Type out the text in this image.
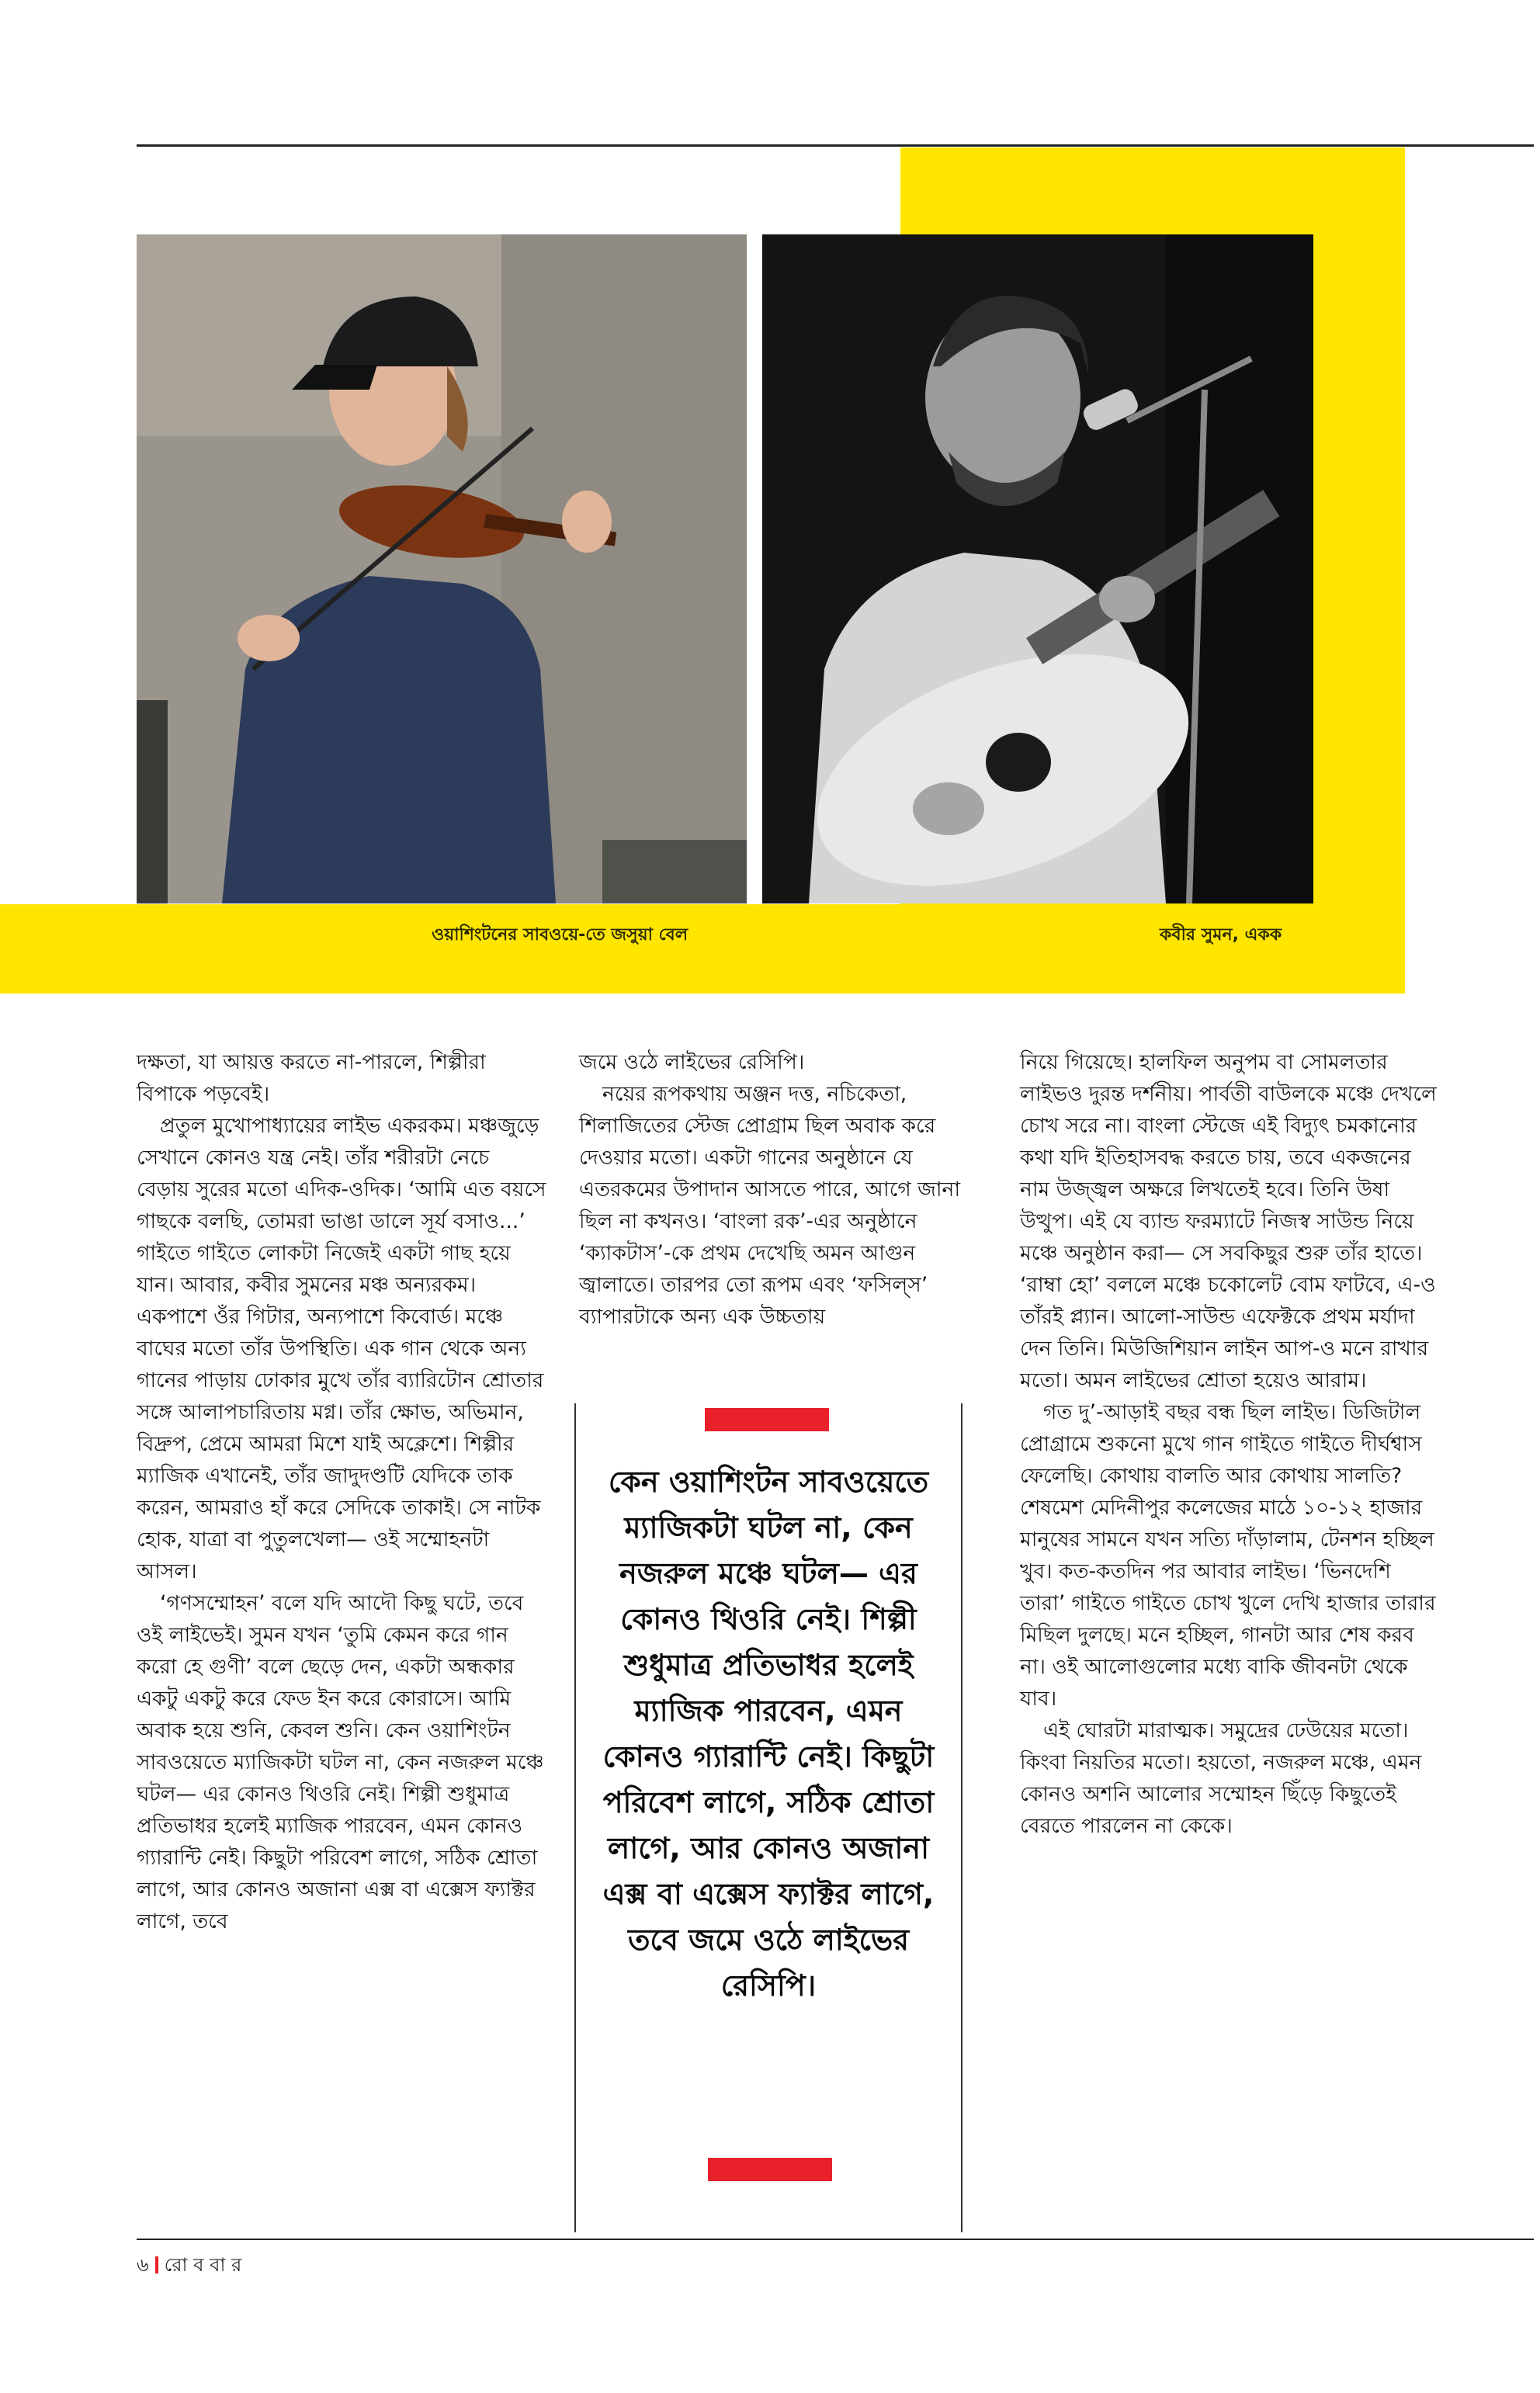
ওয়াশিংটনের সাবওয়ে-তে জসুয়া বেল	কবীর সুমন, একক

দক্ষতা, যা আয়ত্ত করতে না-পারলে, শিল্পীরা বিপাকে পড়বেই।

প্রতুল মুখোপাধ্যায়ের লাইভ একরকম। মঞ্চজুড়ে সেখানে কোনও যন্ত্র নেই। তাঁর শরীরটা নেচে বেড়ায় সুরের মতো এদিক-ওদিক। ‘আমি এত বয়সে গাছকে বলছি, তোমরা ভাঙা ডালে সূর্য বসাও...’ গাইতে গাইতে লোকটা নিজেই একটা গাছ হয়ে যান। আবার, কবীর সুমনের মঞ্চ অন্যরকম। একপাশে ওঁর গিটার, অন্যপাশে কিবোর্ড। মঞ্চে বাঘের মতো তাঁর উপস্থিতি। এক গান থেকে অন্য গানের পাড়ায় ঢোকার মুখে তাঁর ব্যারিটোন শ্রোতার সঙ্গে আলাপচারিতায় মগ্ন। তাঁর ক্ষোভ, অভিমান, বিদ্রুপ, প্রেমে আমরা মিশে যাই অক্লেশে। শিল্পীর ম্যাজিক এখানেই, তাঁর জাদুদণ্ডটি যেদিকে তাক করেন, আমরাও হাঁ করে সেদিকে তাকাই। সে নাটক হোক, যাত্রা বা পুতুলখেলা— ওই সম্মোহনটা আসল।

‘গণসম্মোহন’ বলে যদি আদৌ কিছু ঘটে, তবে ওই লাইভেই। সুমন যখন ‘তুমি কেমন করে গান করো হে গুণী’ বলে ছেড়ে দেন, একটা অন্ধকার একটু একটু করে ফেড ইন করে কোরাসে। আমি অবাক হয়ে শুনি, কেবল শুনি। কেন ওয়াশিংটন সাবওয়েতে ম্যাজিকটা ঘটল না, কেন নজরুল মঞ্চে ঘটল— এর কোনও থিওরি নেই। শিল্পী শুধুমাত্র প্রতিভাধর হলেই ম্যাজিক পারবেন, এমন কোনও গ্যারান্টি নেই। কিছুটা পরিবেশ লাগে, সঠিক শ্রোতা লাগে, আর কোনও অজানা এক্স বা এক্সেস ফ্যাক্টর লাগে, তবে

জমে ওঠে লাইভের রেসিপি।

নয়ের রূপকথায় অঞ্জন দত্ত, নচিকেতা, শিলাজিতের স্টেজ প্রোগ্রাম ছিল অবাক করে দেওয়ার মতো। একটা গানের অনুষ্ঠানে যে এতরকমের উপাদান আসতে পারে, আগে জানা ছিল না কখনও। ‘বাংলা রক’-এর অনুষ্ঠানে ‘ক্যাকটাস’-কে প্রথম দেখেছি অমন আগুন জ্বালাতে। তারপর তো রূপম এবং ‘ফসিল্‌স’ ব্যাপারটাকে অন্য এক উচ্চতায়

কেন ওয়াশিংটন সাবওয়েতে ম্যাজিকটা ঘটল না, কেন নজরুল মঞ্চে ঘটল— এর কোনও থিওরি নেই। শিল্পী শুধুমাত্র প্রতিভাধর হলেই ম্যাজিক পারবেন, এমন কোনও গ্যারান্টি নেই। কিছুটা পরিবেশ লাগে, সঠিক শ্রোতা লাগে, আর কোনও অজানা এক্স বা এক্সেস ফ্যাক্টর লাগে, তবে জমে ওঠে লাইভের রেসিপি।

নিয়ে গিয়েছে। হালফিল অনুপম বা সোমলতার লাইভও দুরন্ত দর্শনীয়। পার্বতী বাউলকে মঞ্চে দেখলে চোখ সরে না। বাংলা স্টেজে এই বিদ্যুৎ চমকানোর কথা যদি ইতিহাসবদ্ধ করতে চায়, তবে একজনের নাম উজ্জ্বল অক্ষরে লিখতেই হবে। তিনি উষা উত্থুপ। এই যে ব্যান্ড ফরম্যাটে নিজস্ব সাউন্ড নিয়ে মঞ্চে অনুষ্ঠান করা— সে সবকিছুর শুরু তাঁর হাতে। ‘রাম্বা হো’ বললে মঞ্চে চকোলেট বোম ফাটবে, এ-ও তাঁরই প্ল্যান। আলো-সাউন্ড এফেক্টকে প্রথম মর্যাদা দেন তিনি। মিউজিশিয়ান লাইন আপ-ও মনে রাখার মতো। অমন লাইভের শ্রোতা হয়েও আরাম।

গত দু’-আড়াই বছর বন্ধ ছিল লাইভ। ডিজিটাল প্রোগ্রামে শুকনো মুখে গান গাইতে গাইতে দীর্ঘশ্বাস ফেলেছি। কোথায় বালতি আর কোথায় সালতি? শেষমেশ মেদিনীপুর কলেজের মাঠে ১০-১২ হাজার মানুষের সামনে যখন সত্যি দাঁড়ালাম, টেনশন হচ্ছিল খুব। কত-কতদিন পর আবার লাইভ। ‘ভিনদেশি তারা’ গাইতে গাইতে চোখ খুলে দেখি হাজার তারার মিছিল দুলছে। মনে হচ্ছিল, গানটা আর শেষ করব না। ওই আলোগুলোর মধ্যে বাকি জীবনটা থেকে যাব।

এই ঘোরটা মারাত্মক। সমুদ্রের ঢেউয়ের মতো। কিংবা নিয়তির মতো। হয়তো, নজরুল মঞ্চে, এমন কোনও অশনি আলোর সম্মোহন ছিঁড়ে কিছুতেই বেরতে পারলেন না কেকে।

৬ রো ব বা র
